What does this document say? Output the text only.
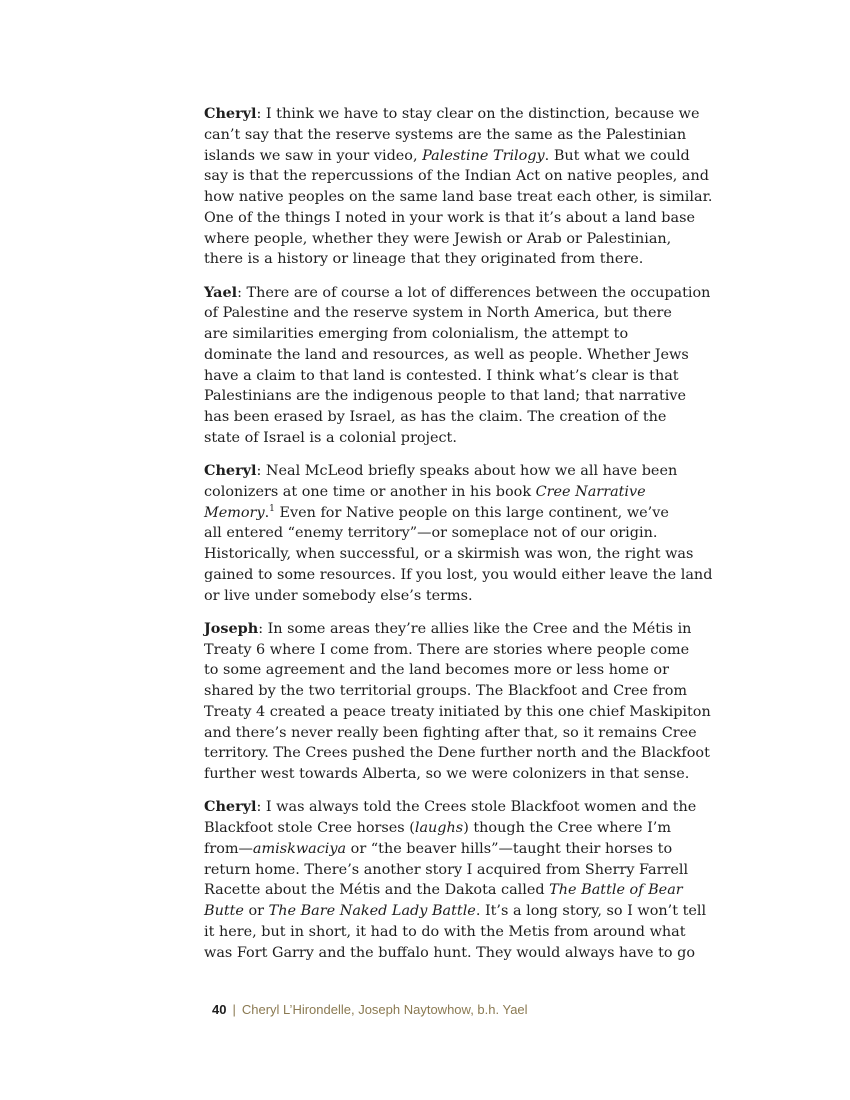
Cheryl: I think we have to stay clear on the distinction, because we
can’t say that the reserve systems are the same as the Palestinian
islands we saw in your video, Palestine Trilogy. But what we could
say is that the repercussions of the Indian Act on native peoples, and
how native peoples on the same land base treat each other, is similar.
One of the things I noted in your work is that it’s about a land base
where people, whether they were Jewish or Arab or Palestinian,
there is a history or lineage that they originated from there.

Yael: There are of course a lot of differences between the occupation
of Palestine and the reserve system in North America, but there
are similarities emerging from colonialism, the attempt to
dominate the land and resources, as well as people. Whether Jews
have a claim to that land is contested. I think what’s clear is that
Palestinians are the indigenous people to that land; that narrative
has been erased by Israel, as has the claim. The creation of the
state of Israel is a colonial project.

Cheryl: Neal McLeod briefly speaks about how we all have been
colonizers at one time or another in his book Cree Narrative
Memory.$^1$ Even for Native people on this large continent, we’ve
all entered “enemy territory”—or someplace not of our origin.
Historically, when successful, or a skirmish was won, the right was
gained to some resources. If you lost, you would either leave the land
or live under somebody else’s terms.

Joseph: In some areas they’re allies like the Cree and the Métis in
Treaty 6 where I come from. There are stories where people come
to some agreement and the land becomes more or less home or
shared by the two territorial groups. The Blackfoot and Cree from
Treaty 4 created a peace treaty initiated by this one chief Maskipiton
and there’s never really been fighting after that, so it remains Cree
territory. The Crees pushed the Dene further north and the Blackfoot
further west towards Alberta, so we were colonizers in that sense.

Cheryl: I was always told the Crees stole Blackfoot women and the
Blackfoot stole Cree horses (laughs) though the Cree where I’m
from—amiskwaciya or “the beaver hills”—taught their horses to
return home. There’s another story I acquired from Sherry Farrell
Racette about the Métis and the Dakota called The Battle of Bear
Butte or The Bare Naked Lady Battle. It’s a long story, so I won’t tell
it here, but in short, it had to do with the Metis from around what
was Fort Garry and the buffalo hunt. They would always have to go

40 | Cheryl L’Hirondelle, Joseph Naytowhow, b.h. Yael
